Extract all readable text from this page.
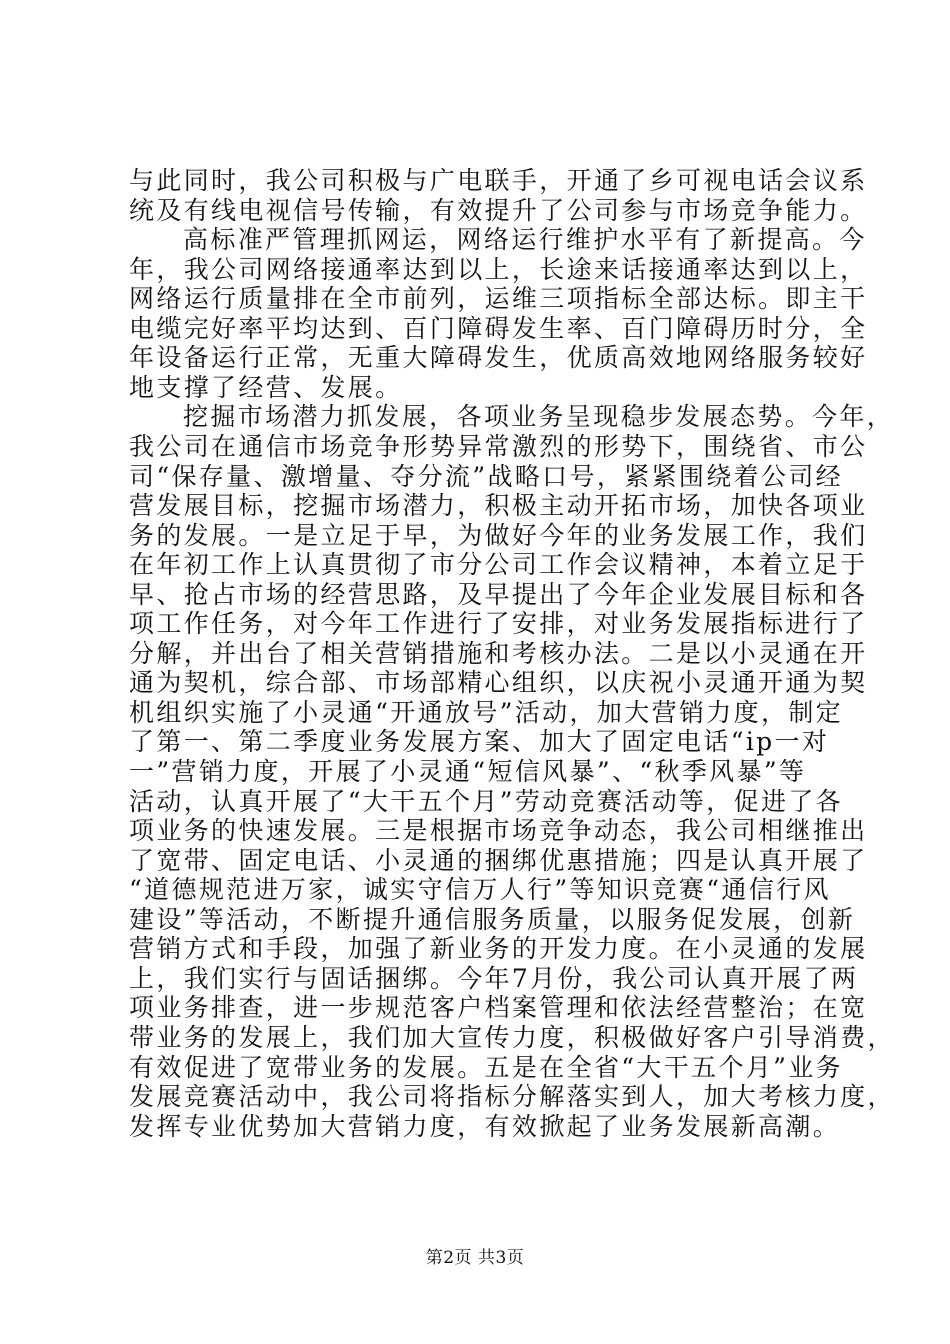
第2页 共3页
与此同时，我公司积极与广电联手，开通了乡可视电话会议系
统及有线电视信号传输，有效提升了公司参与市场竞争能力。
高标准严管理抓网运，网络运行维护水平有了新提高。今
年，我公司网络接通率达到以上，长途来话接通率达到以上，
网络运行质量排在全市前列，运维三项指标全部达标。即主干
电缆完好率平均达到、百门障碍发生率、百门障碍历时分，全
年设备运行正常，无重大障碍发生，优质高效地网络服务较好
地支撑了经营、发展。
挖掘市场潜力抓发展，各项业务呈现稳步发展态势。今年，
我公司在通信市场竞争形势异常激烈的形势下，围绕省、市公
司“保存量、激增量、夺分流”战略口号，紧紧围绕着公司经
营发展目标，挖掘市场潜力，积极主动开拓市场，加快各项业
务的发展。一是立足于早，为做好今年的业务发展工作，我们
在年初工作上认真贯彻了市分公司工作会议精神，本着立足于
早、抢占市场的经营思路，及早提出了今年企业发展目标和各
项工作任务，对今年工作进行了安排，对业务发展指标进行了
分解，并出台了相关营销措施和考核办法。二是以小灵通在开
通为契机，综合部、市场部精心组织，以庆祝小灵通开通为契
机组织实施了小灵通“开通放号”活动，加大营销力度，制定
了第一、第二季度业务发展方案、加大了固定电话“ip一对
一”营销力度，开展了小灵通“短信风暴”、“秋季风暴”等
活动，认真开展了“大干五个月”劳动竞赛活动等，促进了各
项业务的快速发展。三是根据市场竞争动态，我公司相继推出
了宽带、固定电话、小灵通的捆绑优惠措施；四是认真开展了
“道德规范进万家，诚实守信万人行”等知识竞赛“通信行风
建设”等活动，不断提升通信服务质量，以服务促发展，创新
营销方式和手段，加强了新业务的开发力度。在小灵通的发展
上，我们实行与固话捆绑。今年7月份，我公司认真开展了两
项业务排查，进一步规范客户档案管理和依法经营整治；在宽
带业务的发展上，我们加大宣传力度，积极做好客户引导消费，
有效促进了宽带业务的发展。五是在全省“大干五个月”业务
发展竞赛活动中，我公司将指标分解落实到人，加大考核力度，
发挥专业优势加大营销力度，有效掀起了业务发展新高潮。
